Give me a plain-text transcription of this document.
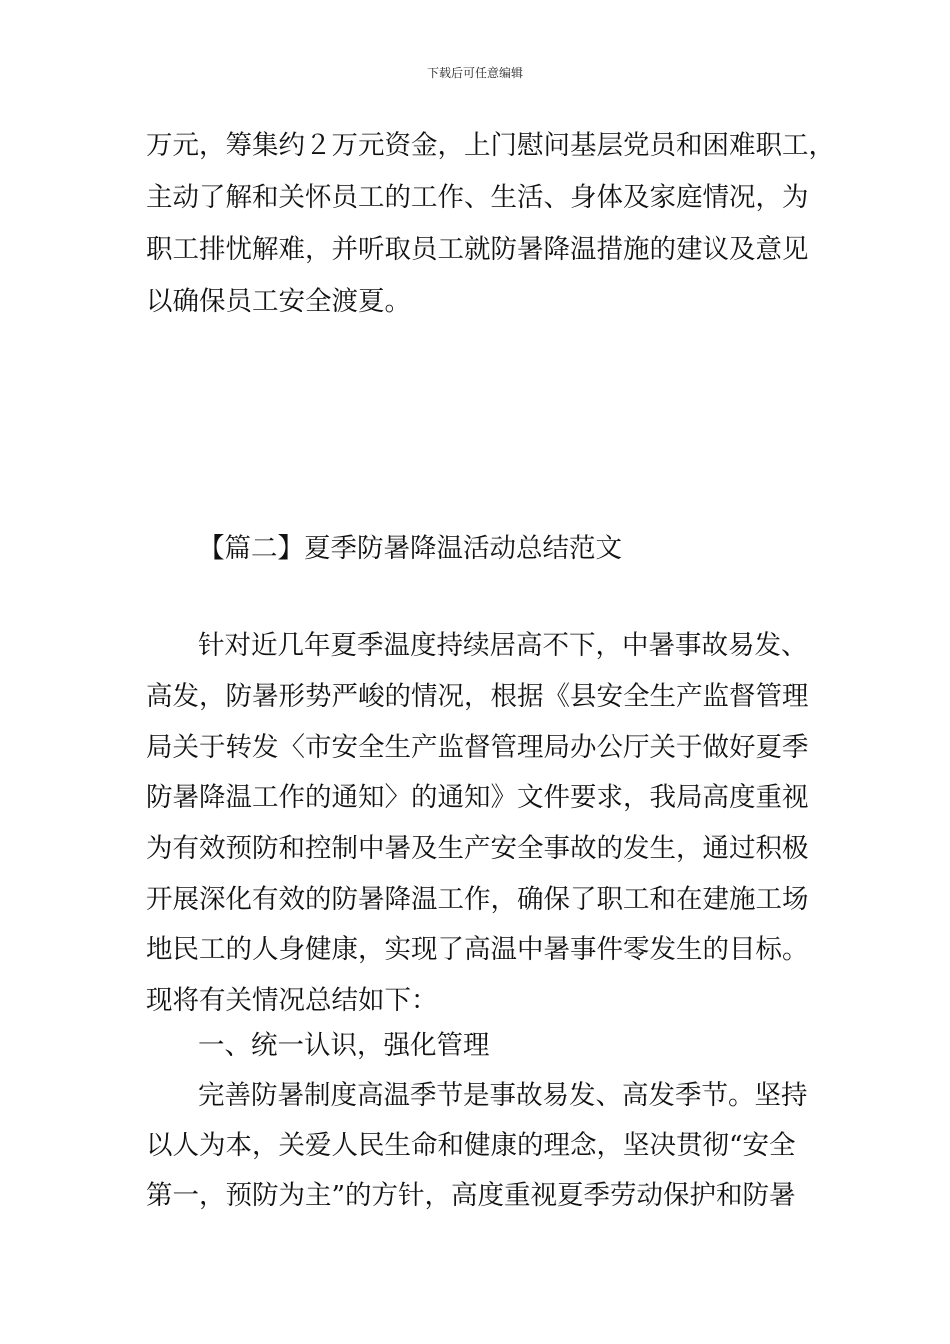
下载后可任意编辑
万元，筹集约２万元资金，上门慰问基层党员和困难职工，
主动了解和关怀员工的工作、生活、身体及家庭情况，为
职工排忧解难，并听取员工就防暑降温措施的建议及意见
以确保员工安全渡夏。
【篇二】夏季防暑降温活动总结范文
针对近几年夏季温度持续居高不下，中暑事故易发、
高发，防暑形势严峻的情况，根据《县安全生产监督管理
局关于转发〈市安全生产监督管理局办公厅关于做好夏季
防暑降温工作的通知〉的通知》文件要求，我局高度重视
为有效预防和控制中暑及生产安全事故的发生，通过积极
开展深化有效的防暑降温工作，确保了职工和在建施工场
地民工的人身健康，实现了高温中暑事件零发生的目标。
现将有关情况总结如下：
一、统一认识，强化管理
完善防暑制度高温季节是事故易发、高发季节。坚持
以人为本，关爱人民生命和健康的理念，坚决贯彻“安全
第一，预防为主”的方针，高度重视夏季劳动保护和防暑
